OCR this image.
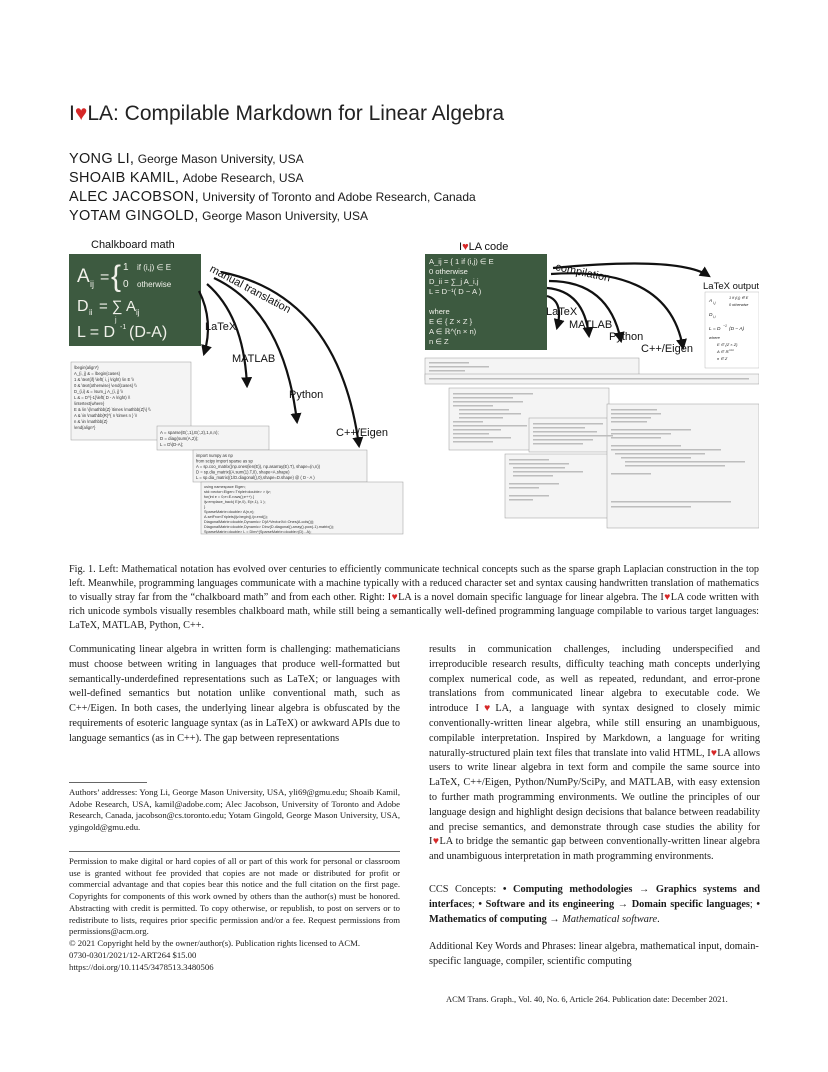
I♥LA: Compilable Markdown for Linear Algebra
YONG LI, George Mason University, USA
SHOAIB KAMIL, Adobe Research, USA
ALEC JACOBSON, University of Toronto and Adobe Research, Canada
YOTAM GINGOLD, George Mason University, USA
Chalkboard math
A ij = { 1 if (i,j) ∈ E
0 otherwise
D ii = ∑ A ij
j
L = D -1 (D-A)
manual translation
LaTeX
MATLAB
Python
C++/Eigen
\begin{align*}
A_{i, j} & = \begin{cases}
1 & \text{if} \left( i, j \right) \in E \\
0 & \text{otherwise} \end{cases} \\
D_{i,i} & = \sum_j A_{i, j} \\
L & = D^{-1}\left( D - A \right) \\
\intertext{where}
E & \in \{\mathbb{Z} \times \mathbb{Z}\} \\
A & \in \mathbb{R}^{ n \times n } \\
n & \in \mathbb{Z}
\end{align*}
A = sparse(E(:,1),E(:,2),1,n,n);
D = diag(sum(A,2));
L = D\(D-A);
import numpy as np
from scipy import sparse as sp
A = sp.coo_matrix((np.ones(len(E)), np.asarray(E).T), shape=(n,n))
D = sp.dia_matrix((A.sum(1).T,0), shape=A.shape)
L = sp.dia_matrix((1/D.diagonal(),0),shape=D.shape) @ ( D - A )
using namespace Eigen;
std::vector<Eigen::Triplet<double> > ijv;
for(int e = 0;e<E.rows();e++) {
ijv.emplace_back( E(e,0), E(e,1), 1 );
}
SparseMatrix<double> A(n,n);
A.setFromTriplets(ijv.begin(),ijv.end());
DiagonalMatrix<double,Dynamic> D(A*VectorXd::Ones(A.cols()));
DiagonalMatrix<double,Dynamic> Dinv(D.diagonal().array().pow(-1).matrix());
SparseMatrix<double> L = Dinv*(SparseMatrix<double>(D) - A);
I♥LA code
A_ij = { 1 if (i,j) ∈ E
0 otherwise
D_ii = ∑_j A_i,j
L = D⁻¹( D − A )
where
E ∈ { Z × Z }
A ∈ ℝ^(n × n)
n ∈ Z
compilation
LaTeX
MATLAB
Python
C++/Eigen
LaTeX output
A i,j
1 if (i,j) ∈ E
0 otherwise
D i,i
L = D
−1
(D − A)
where
E ∈ {Z × Z}
A ∈ ℝ n×n
n ∈ Z
Fig. 1. Left: Mathematical notation has evolved over centuries to efficiently communicate technical concepts such as the sparse graph Laplacian construction in the top left. Meanwhile, programming languages communicate with a machine typically with a reduced character set and syntax causing handwritten translation of mathematics to visually stray far from the “chalkboard math” and from each other. Right: I♥LA is a novel domain specific language for linear algebra. The I♥LA code written with rich unicode symbols visually resembles chalkboard math, while still being a semantically well-defined programming language compilable to various target languages: LaTeX, MATLAB, Python, C++.

Communicating linear algebra in written form is challenging: mathematicians must choose between writing in languages that produce well-formatted but semantically-underdefined representations such as LaTeX; or languages with well-defined semantics but notation unlike conventional math, such as C++/Eigen. In both cases, the underlying linear algebra is obfuscated by the requirements of esoteric language syntax (as in LaTeX) or awkward APIs due to language semantics (as in C++). The gap between representations

results in communication challenges, including underspecified and irreproducible research results, difficulty teaching math concepts underlying complex numerical code, as well as repeated, redundant, and error-prone translations from communicated linear algebra to executable code. We introduce I♥LA, a language with syntax designed to closely mimic conventionally-written linear algebra, while still ensuring an unambiguous, compilable interpretation. Inspired by Markdown, a language for writing naturally-structured plain text files that translate into valid HTML, I♥LA allows users to write linear algebra in text form and compile the same source into LaTeX, C++/Eigen, Python/NumPy/SciPy, and MATLAB, with easy extension to further math programming environments. We outline the principles of our language design and highlight design decisions that balance between readability and precise semantics, and demonstrate through case studies the ability for I♥LA to bridge the semantic gap between conventionally-written linear algebra and unambiguous interpretation in math programming environments.

CCS Concepts: • Computing methodologies → Graphics systems and interfaces; • Software and its engineering → Domain specific languages; • Mathematics of computing → Mathematical software.
Additional Key Words and Phrases: linear algebra, mathematical input, domain-specific language, compiler, scientific computing
Authors’ addresses: Yong Li, George Mason University, USA, yli69@gmu.edu; Shoaib Kamil, Adobe Research, USA, kamil@adobe.com; Alec Jacobson, University of Toronto and Adobe Research, Canada, jacobson@cs.toronto.edu; Yotam Gingold, George Mason University, USA, ygingold@gmu.edu.
Permission to make digital or hard copies of all or part of this work for personal or classroom use is granted without fee provided that copies are not made or distributed for profit or commercial advantage and that copies bear this notice and the full citation on the first page. Copyrights for components of this work owned by others than the author(s) must be honored. Abstracting with credit is permitted. To copy otherwise, or republish, to post on servers or to redistribute to lists, requires prior specific permission and/or a fee. Request permissions from permissions@acm.org.
© 2021 Copyright held by the owner/author(s). Publication rights licensed to ACM.
0730-0301/2021/12-ART264 $15.00
https://doi.org/10.1145/3478513.3480506
ACM Trans. Graph., Vol. 40, No. 6, Article 264. Publication date: December 2021.
